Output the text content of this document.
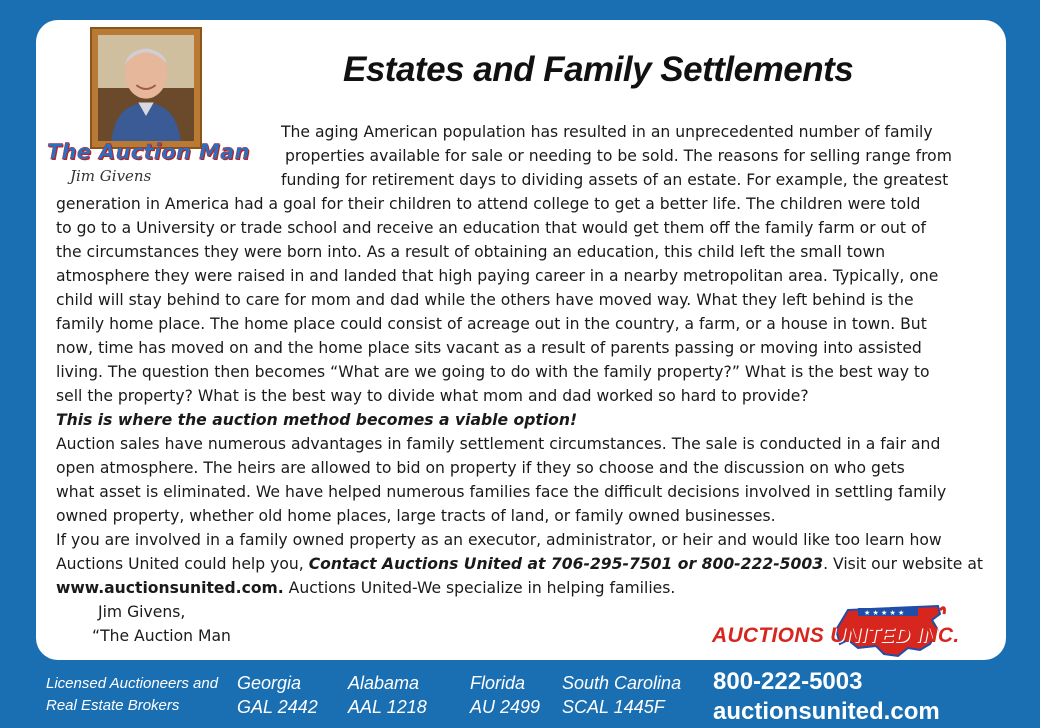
The Auction Man
Jim Givens
Estates and Family Settlements
The aging American population has resulted in an unprecedented number of family
properties available for sale or needing to be sold. The reasons for selling range from
funding for retirement days to dividing assets of an estate. For example, the greatest
generation in America had a goal for their children to attend college to get a better life. The children were told
to go to a University or trade school and receive an education that would get them off the family farm or out of
the circumstances they were born into. As a result of obtaining an education, this child left the small town
atmosphere they were raised in and landed that high paying career in a nearby metropolitan area. Typically, one
child will stay behind to care for mom and dad while the others have moved way. What they left behind is the
family home place. The home place could consist of acreage out in the country, a farm, or a house in town. But
now, time has moved on and the home place sits vacant as a result of parents passing or moving into assisted
living. The question then becomes “What are we going to do with the family property?” What is the best way to
sell the property? What is the best way to divide what mom and dad worked so hard to provide?
This is where the auction method becomes a viable option!
Auction sales have numerous advantages in family settlement circumstances. The sale is conducted in a fair and
open atmosphere. The heirs are allowed to bid on property if they so choose and the discussion on who gets
what asset is eliminated. We have helped numerous families face the difficult decisions involved in settling family
owned property, whether old home places, large tracts of land, or family owned businesses.
If you are involved in a family owned property as an executor, administrator, or heir and would like too learn how
Auctions United could help you, Contact Auctions United at 706-295-7501 or 800-222-5003. Visit our website at
www.auctionsunited.com. Auctions United-We specialize in helping families.
Jim Givens,
“The Auction Man
★ ★ ★ ★ ★
AUCTIONS UNITED INC.
Licensed Auctioneers and
Real Estate Brokers
Georgia
GAL 2442
Alabama
AAL 1218
Florida
AU 2499
South Carolina
SCAL 1445F
800-222-5003
auctionsunited.com
